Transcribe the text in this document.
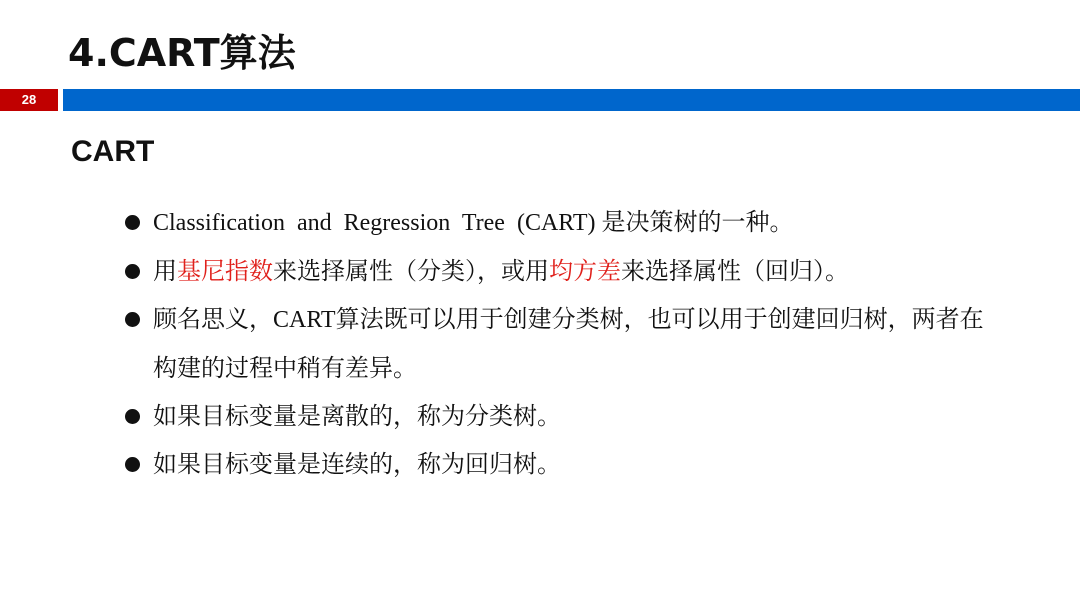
4.CART算法
28
CART
Classification  and  Regression  Tree  (CART) 是决策树的一种。
用基尼指数来选择属性（分类），或用均方差来选择属性（回归）。
顾名思义，CART算法既可以用于创建分类树，也可以用于创建回归树，两者在构建的过程中稍有差异。
如果目标变量是离散的，称为分类树。
如果目标变量是连续的，称为回归树。
